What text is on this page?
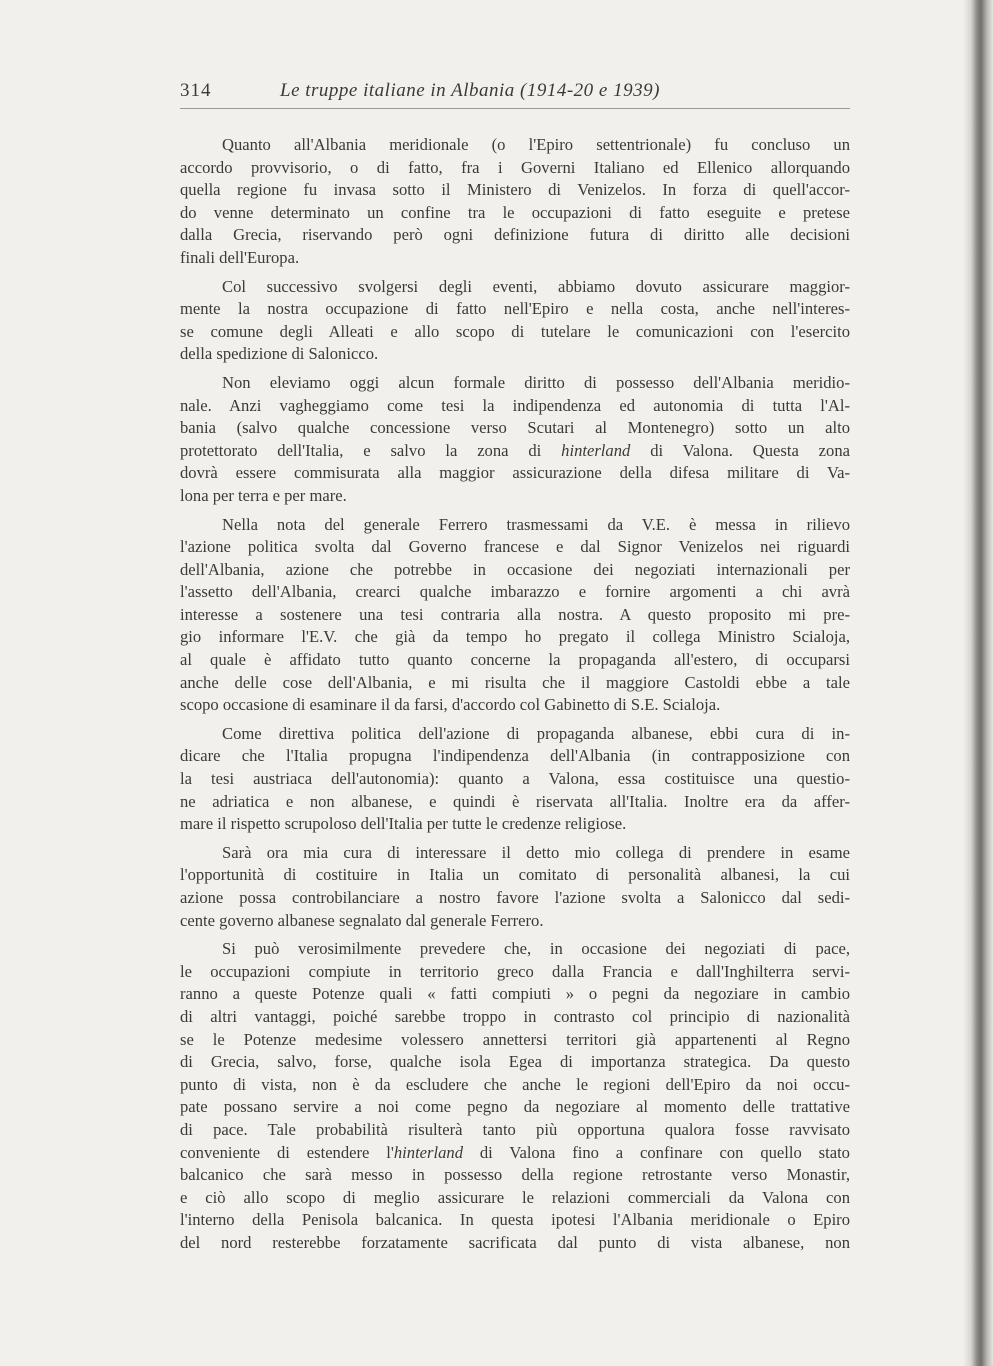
314	Le truppe italiane in Albania (1914-20 e 1939)

Quanto all'Albania meridionale (o l'Epiro settentrionale) fu concluso un
accordo provvisorio, o di fatto, fra i Governi Italiano ed Ellenico allorquando
quella regione fu invasa sotto il Ministero di Venizelos. In forza di quell'accor-
do venne determinato un confine tra le occupazioni di fatto eseguite e pretese
dalla Grecia, riservando però ogni definizione futura di diritto alle decisioni
finali dell'Europa.

Col successivo svolgersi degli eventi, abbiamo dovuto assicurare maggior-
mente la nostra occupazione di fatto nell'Epiro e nella costa, anche nell'interes-
se comune degli Alleati e allo scopo di tutelare le comunicazioni con l'esercito
della spedizione di Salonicco.

Non eleviamo oggi alcun formale diritto di possesso dell'Albania meridio-
nale. Anzi vagheggiamo come tesi la indipendenza ed autonomia di tutta l'Al-
bania (salvo qualche concessione verso Scutari al Montenegro) sotto un alto
protettorato dell'Italia, e salvo la zona di hinterland di Valona. Questa zona
dovrà essere commisurata alla maggior assicurazione della difesa militare di Va-
lona per terra e per mare.

Nella nota del generale Ferrero trasmessami da V.E. è messa in rilievo
l'azione politica svolta dal Governo francese e dal Signor Venizelos nei riguardi
dell'Albania, azione che potrebbe in occasione dei negoziati internazionali per
l'assetto dell'Albania, crearci qualche imbarazzo e fornire argomenti a chi avrà
interesse a sostenere una tesi contraria alla nostra. A questo proposito mi pre-
gio informare l'E.V. che già da tempo ho pregato il collega Ministro Scialoja,
al quale è affidato tutto quanto concerne la propaganda all'estero, di occuparsi
anche delle cose dell'Albania, e mi risulta che il maggiore Castoldi ebbe a tale
scopo occasione di esaminare il da farsi, d'accordo col Gabinetto di S.E. Scialoja.

Come direttiva politica dell'azione di propaganda albanese, ebbi cura di in-
dicare che l'Italia propugna l'indipendenza dell'Albania (in contrapposizione con
la tesi austriaca dell'autonomia): quanto a Valona, essa costituisce una questio-
ne adriatica e non albanese, e quindi è riservata all'Italia. Inoltre era da affer-
mare il rispetto scrupoloso dell'Italia per tutte le credenze religiose.

Sarà ora mia cura di interessare il detto mio collega di prendere in esame
l'opportunità di costituire in Italia un comitato di personalità albanesi, la cui
azione possa controbilanciare a nostro favore l'azione svolta a Salonicco dal sedi-
cente governo albanese segnalato dal generale Ferrero.

Si può verosimilmente prevedere che, in occasione dei negoziati di pace,
le occupazioni compiute in territorio greco dalla Francia e dall'Inghilterra servi-
ranno a queste Potenze quali « fatti compiuti » o pegni da negoziare in cambio
di altri vantaggi, poiché sarebbe troppo in contrasto col principio di nazionalità
se le Potenze medesime volessero annettersi territori già appartenenti al Regno
di Grecia, salvo, forse, qualche isola Egea di importanza strategica. Da questo
punto di vista, non è da escludere che anche le regioni dell'Epiro da noi occu-
pate possano servire a noi come pegno da negoziare al momento delle trattative
di pace. Tale probabilità risulterà tanto più opportuna qualora fosse ravvisato
conveniente di estendere l'hinterland di Valona fino a confinare con quello stato
balcanico che sarà messo in possesso della regione retrostante verso Monastir,
e ciò allo scopo di meglio assicurare le relazioni commerciali da Valona con
l'interno della Penisola balcanica. In questa ipotesi l'Albania meridionale o Epiro
del nord resterebbe forzatamente sacrificata dal punto di vista albanese, non
